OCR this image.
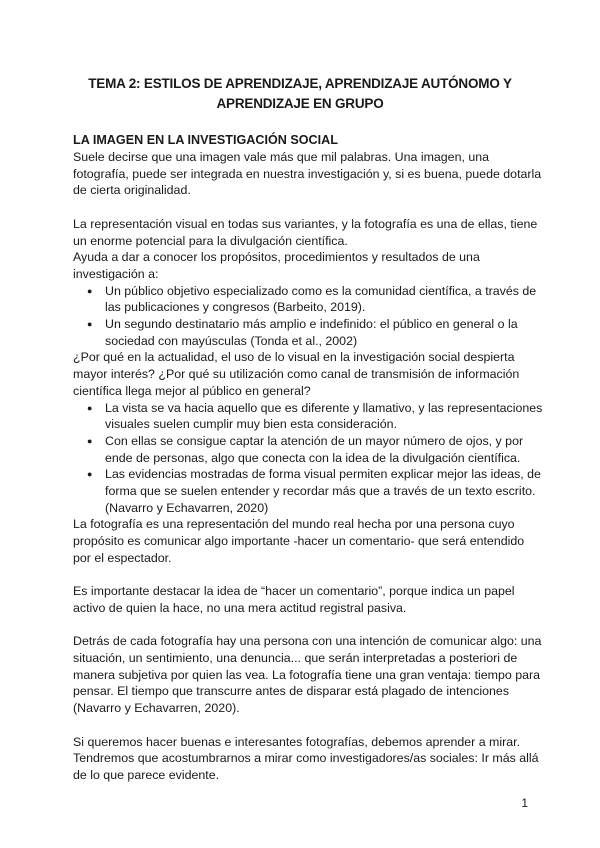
TEMA 2: ESTILOS DE APRENDIZAJE, APRENDIZAJE AUTÓNOMO Y
APRENDIZAJE EN GRUPO
LA IMAGEN EN LA INVESTIGACIÓN SOCIAL

Suele decirse que una imagen vale más que mil palabras. Una imagen, una fotografía, puede ser integrada en nuestra investigación y, si es buena, puede dotarla de cierta originalidad.

La representación visual en todas sus variantes, y la fotografía es una de ellas, tiene un enorme potencial para la divulgación científica.

Ayuda a dar a conocer los propósitos, procedimientos y resultados de una investigación a:

● Un público objetivo especializado como es la comunidad científica, a través de las publicaciones y congresos (Barbeito, 2019).
● Un segundo destinatario más amplio e indefinido: el público en general o la sociedad con mayúsculas (Tonda et al., 2002)

¿Por qué en la actualidad, el uso de lo visual en la investigación social despierta mayor interés? ¿Por qué su utilización como canal de transmisión de información científica llega mejor al público en general?

● La vista se va hacia aquello que es diferente y llamativo, y las representaciones visuales suelen cumplir muy bien esta consideración.
● Con ellas se consigue captar la atención de un mayor número de ojos, y por ende de personas, algo que conecta con la idea de la divulgación científica.
● Las evidencias mostradas de forma visual permiten explicar mejor las ideas, de forma que se suelen entender y recordar más que a través de un texto escrito. (Navarro y Echavarren, 2020)

La fotografía es una representación del mundo real hecha por una persona cuyo propósito es comunicar algo importante -hacer un comentario- que será entendido por el espectador.

Es importante destacar la idea de “hacer un comentario”, porque indica un papel activo de quien la hace, no una mera actitud registral pasiva.

Detrás de cada fotografía hay una persona con una intención de comunicar algo: una situación, un sentimiento, una denuncia... que serán interpretadas a posteriori de manera subjetiva por quien las vea. La fotografía tiene una gran ventaja: tiempo para pensar. El tiempo que transcurre antes de disparar está plagado de intenciones (Navarro y Echavarren, 2020).

Si queremos hacer buenas e interesantes fotografías, debemos aprender a mirar. Tendremos que acostumbrarnos a mirar como investigadores/as sociales: Ir más allá de lo que parece evidente.

1
